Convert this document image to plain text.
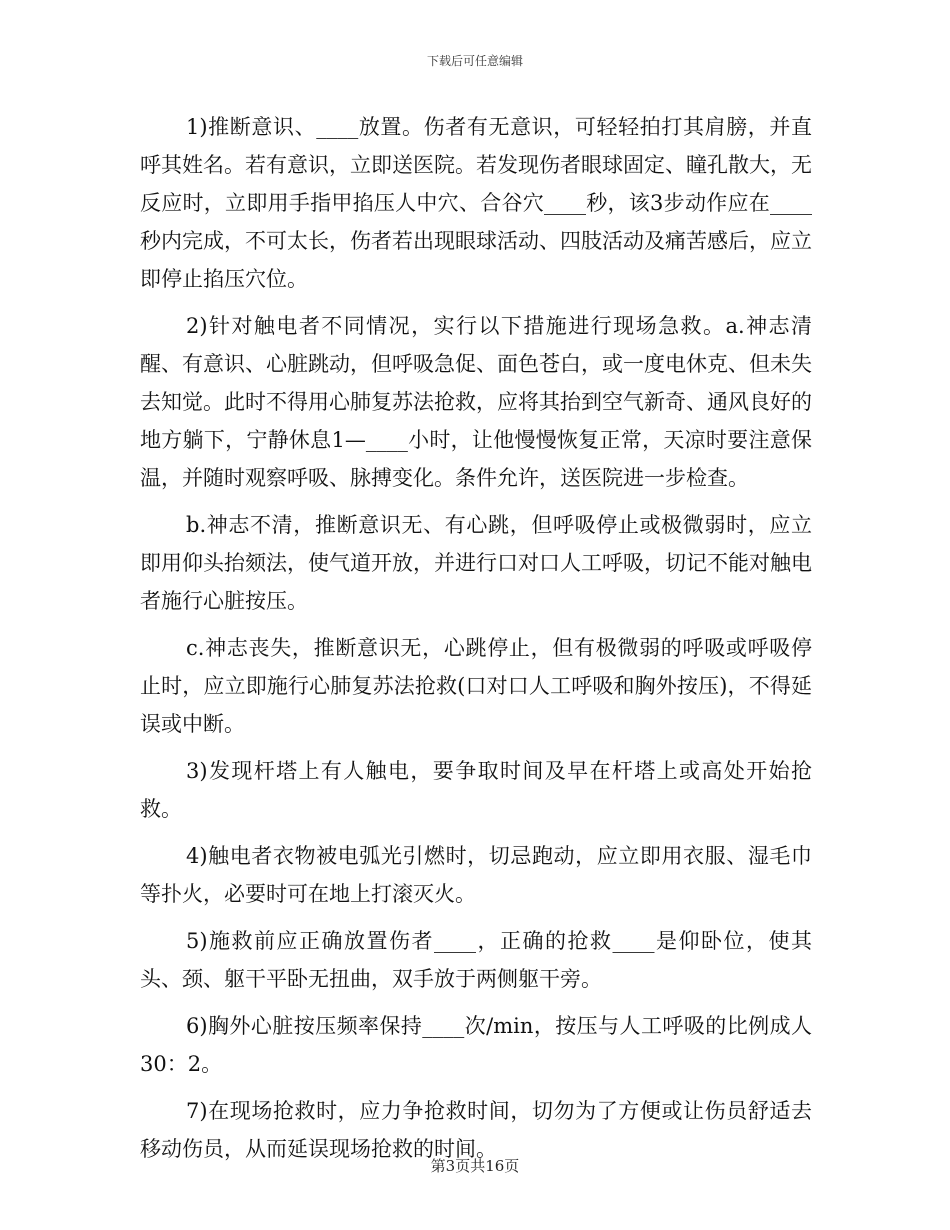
下载后可任意编辑

1)推断意识、____放置。伤者有无意识，可轻轻拍打其肩膀，并直呼其姓名。若有意识，立即送医院。若发现伤者眼球固定、瞳孔散大，无反应时，立即用手指甲掐压人中穴、合谷穴____秒，该3步动作应在____秒内完成，不可太长，伤者若出现眼球活动、四肢活动及痛苦感后，应立即停止掐压穴位。

2)针对触电者不同情况，实行以下措施进行现场急救。a.神志清醒、有意识、心脏跳动，但呼吸急促、面色苍白，或一度电休克、但未失去知觉。此时不得用心肺复苏法抢救，应将其抬到空气新奇、通风良好的地方躺下，宁静休息1—____小时，让他慢慢恢复正常，天凉时要注意保温，并随时观察呼吸、脉搏变化。条件允许，送医院进一步检查。

b.神志不清，推断意识无、有心跳，但呼吸停止或极微弱时，应立即用仰头抬颏法，使气道开放，并进行口对口人工呼吸，切记不能对触电者施行心脏按压。

c.神志丧失，推断意识无，心跳停止，但有极微弱的呼吸或呼吸停止时，应立即施行心肺复苏法抢救(口对口人工呼吸和胸外按压)，不得延误或中断。

3)发现杆塔上有人触电，要争取时间及早在杆塔上或高处开始抢救。

4)触电者衣物被电弧光引燃时，切忌跑动，应立即用衣服、湿毛巾等扑火，必要时可在地上打滚灭火。

5)施救前应正确放置伤者____，正确的抢救____是仰卧位，使其头、颈、躯干平卧无扭曲，双手放于两侧躯干旁。

6)胸外心脏按压频率保持____次/min，按压与人工呼吸的比例成人30：2。

7)在现场抢救时，应力争抢救时间，切勿为了方便或让伤员舒适去移动伤员，从而延误现场抢救的时间。

第3页共16页
